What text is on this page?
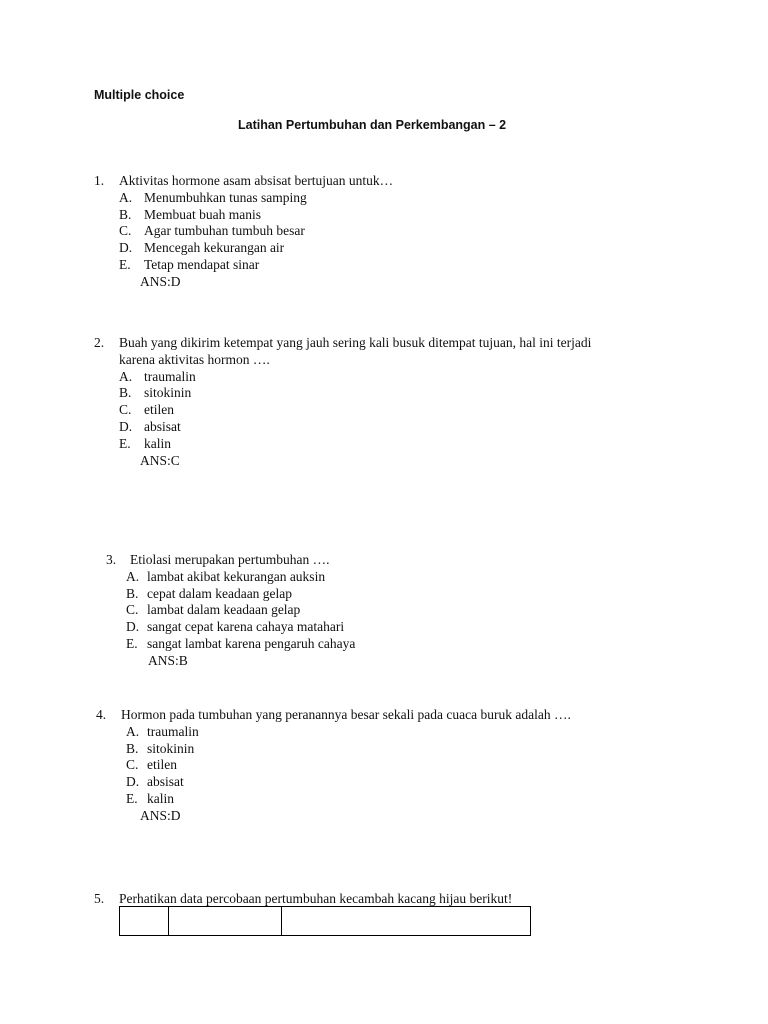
Multiple choice
Latihan Pertumbuhan dan Perkembangan – 2
1. Aktivitas hormone asam absisat bertujuan untuk…
A. Menumbuhkan tunas samping
B. Membuat buah manis
C. Agar tumbuhan tumbuh besar
D. Mencegah kekurangan air
E. Tetap mendapat sinar
ANS:D
2. Buah yang dikirim ketempat yang jauh sering kali busuk ditempat tujuan, hal ini terjadi
karena aktivitas hormon ….
A. traumalin
B. sitokinin
C. etilen
D. absisat
E. kalin
ANS:C
3. Etiolasi merupakan pertumbuhan ….
A. lambat akibat kekurangan auksin
B. cepat dalam keadaan gelap
C. lambat dalam keadaan gelap
D. sangat cepat karena cahaya matahari
E. sangat lambat karena pengaruh cahaya
ANS:B
4. Hormon pada tumbuhan yang peranannya besar sekali pada cuaca buruk adalah ….
A. traumalin
B. sitokinin
C. etilen
D. absisat
E. kalin
ANS:D
5. Perhatikan data percobaan pertumbuhan kecambah kacang hijau berikut!
